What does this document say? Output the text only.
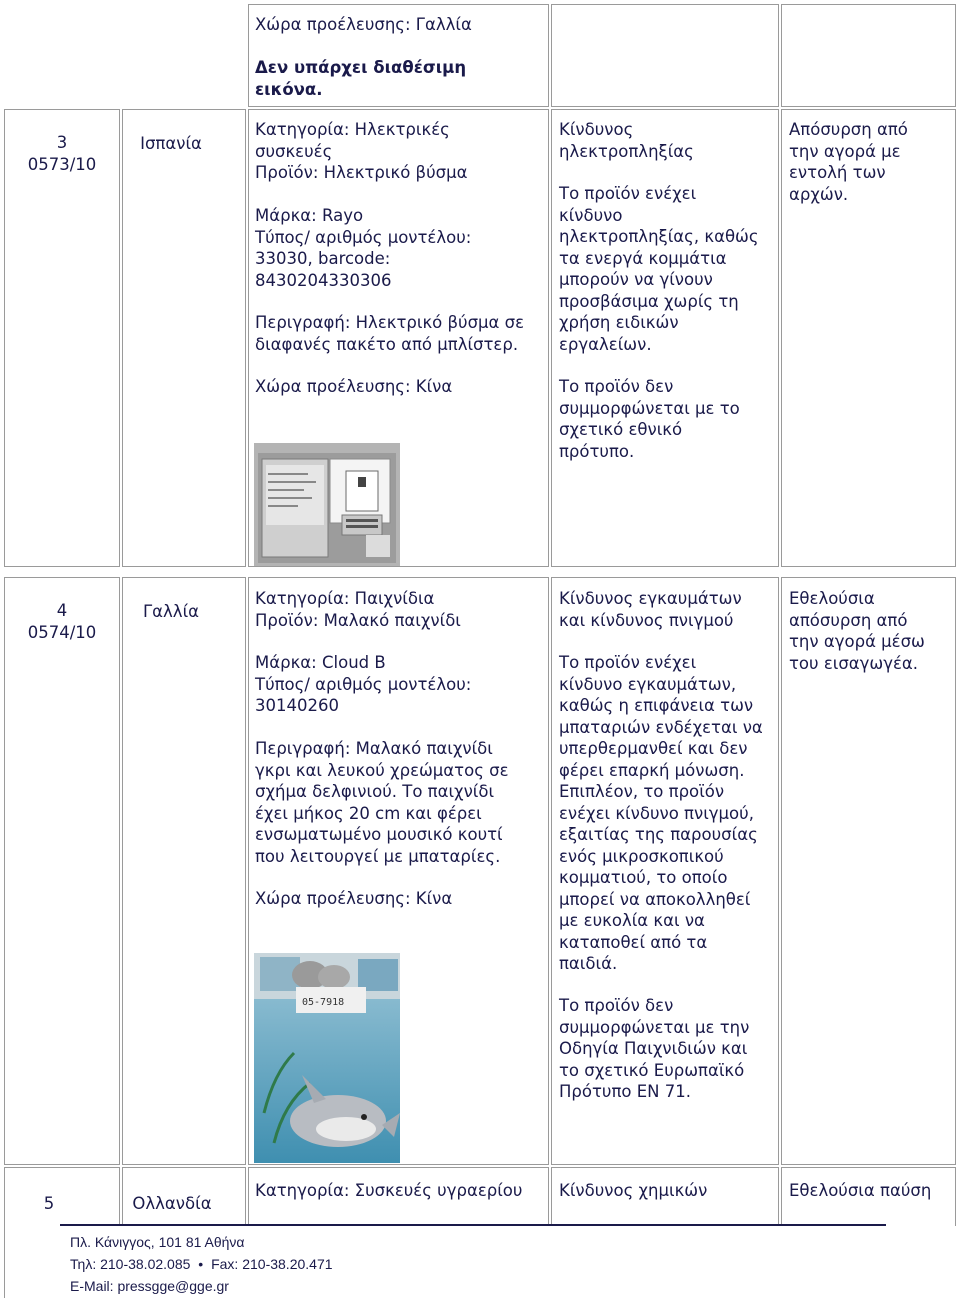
Χώρα προέλευσης: Γαλλία
Δεν υπάρχει διαθέσιμη
εικόνα.
3
0573/10
Ισπανία
Κατηγορία: Ηλεκτρικές
συσκευές
Προϊόν: Ηλεκτρικό βύσμα
Μάρκα: Rayo
Τύπος/ αριθμός μοντέλου:
33030, barcode:
8430204330306
Περιγραφή: Ηλεκτρικό βύσμα σε
διαφανές πακέτο από μπλίστερ.
Χώρα προέλευσης: Κίνα
Κίνδυνος
ηλεκτροπληξίας
Το προϊόν ενέχει
κίνδυνο
ηλεκτροπληξίας, καθώς
τα ενεργά κομμάτια
μπορούν να γίνουν
προσβάσιμα χωρίς τη
χρήση ειδικών
εργαλείων.
Το προϊόν δεν
συμμορφώνεται με το
σχετικό εθνικό
πρότυπο.
Απόσυρση από
την αγορά με
εντολή των
αρχών.
4
0574/10
Γαλλία
Κατηγορία: Παιχνίδια
Προϊόν: Μαλακό παιχνίδι
Μάρκα: Cloud B
Τύπος/ αριθμός μοντέλου:
30140260
Περιγραφή: Μαλακό παιχνίδι
γκρι και λευκού χρεώματος σε
σχήμα δελφινιού. Το παιχνίδι
έχει μήκος 20 cm και φέρει
ενσωματωμένο μουσικό κουτί
που λειτουργεί με μπαταρίες.
Χώρα προέλευσης: Κίνα
05-7918
Κίνδυνος εγκαυμάτων
και κίνδυνος πνιγμού
Το προϊόν ενέχει
κίνδυνο εγκαυμάτων,
καθώς η επιφάνεια των
μπαταριών ενδέχεται να
υπερθερμανθεί και δεν
φέρει επαρκή μόνωση.
Επιπλέον, το προϊόν
ενέχει κίνδυνο πνιγμού,
εξαιτίας της παρουσίας
ενός μικροσκοπικού
κομματιού, το οποίο
μπορεί να αποκολληθεί
με ευκολία και να
καταποθεί από τα
παιδιά.
Το προϊόν δεν
συμμορφώνεται με την
Οδηγία Παιχνιδιών και
το σχετικό Ευρωπαϊκό
Πρότυπο EN 71.
Εθελούσια
απόσυρση από
την αγορά μέσω
του εισαγωγέα.
5	Ολλανδία
Κατηγορία: Συσκευές υγραερίου Κίνδυνος χημικών	Εθελούσια παύση
Πλ. Κάνιγγος, 101 81 Αθήνα
Τηλ: 210-38.02.085 • Fax: 210-38.20.471
E-Mail: pressgge@gge.gr
